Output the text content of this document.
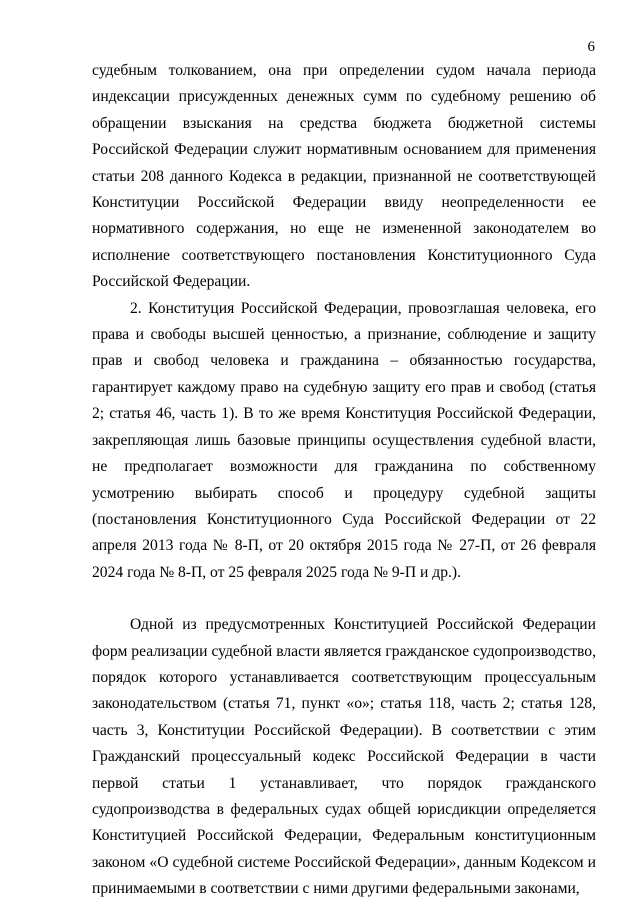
6

судебным толкованием, она при определении судом начала периода индексации присужденных денежных сумм по судебному решению об обращении взыскания на средства бюджета бюджетной системы Российской Федерации служит нормативным основанием для применения статьи 208 данного Кодекса в редакции, признанной не соответствующей Конституции Российской Федерации ввиду неопределенности ее нормативного содержания, но еще не измененной законодателем во исполнение соответствующего постановления Конституционного Суда Российской Федерации.

2. Конституция Российской Федерации, провозглашая человека, его права и свободы высшей ценностью, а признание, соблюдение и защиту прав и свобод человека и гражданина – обязанностью государства, гарантирует каждому право на судебную защиту его прав и свобод (статья 2; статья 46, часть 1). В то же время Конституция Российской Федерации, закрепляющая лишь базовые принципы осуществления судебной власти, не предполагает возможности для гражданина по собственному усмотрению выбирать способ и процедуру судебной защиты (постановления Конституционного Суда Российской Федерации от 22 апреля 2013 года № 8-П, от 20 октября 2015 года № 27-П, от 26 февраля 2024 года № 8-П, от 25 февраля 2025 года № 9-П и др.).

Одной из предусмотренных Конституцией Российской Федерации форм реализации судебной власти является гражданское судопроизводство, порядок которого устанавливается соответствующим процессуальным законодательством (статья 71, пункт «о»; статья 118, часть 2; статья 128, часть 3, Конституции Российской Федерации). В соответствии с этим Гражданский процессуальный кодекс Российской Федерации в части первой статьи 1 устанавливает, что порядок гражданского судопроизводства в федеральных судах общей юрисдикции определяется Конституцией Российской Федерации, Федеральным конституционным законом «О судебной системе Российской Федерации», данным Кодексом и принимаемыми в соответствии с ними другими федеральными законами,
